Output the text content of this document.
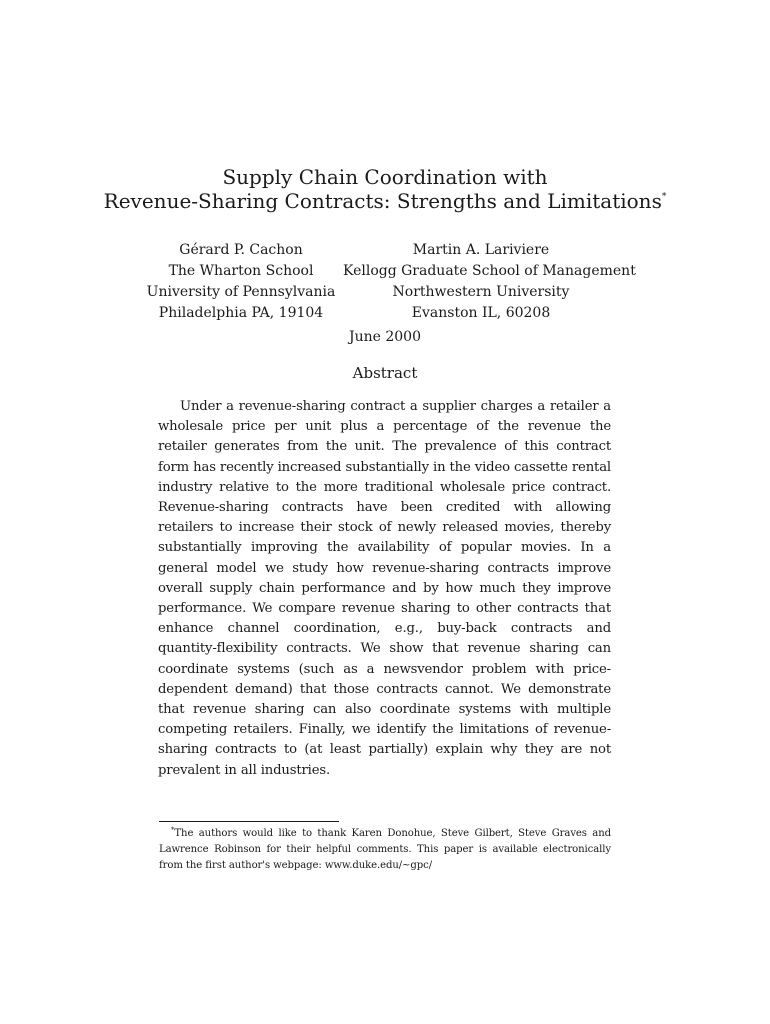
Supply Chain Coordination with
Revenue-Sharing Contracts: Strengths and Limitations*
Gérard P. Cachon
The Wharton School
University of Pennsylvania
Philadelphia PA, 19104
Martin A. Lariviere
Kellogg Graduate School of Management
Northwestern University
Evanston IL, 60208
June 2000
Abstract
Under a revenue-sharing contract a supplier charges a retailer a wholesale price per unit plus a percentage of the revenue the retailer generates from the unit. The prevalence of this contract form has recently increased substantially in the video cassette rental industry relative to the more traditional wholesale price contract. Revenue-sharing contracts have been credited with allowing retailers to increase their stock of newly released movies, thereby substantially improving the availability of popular movies. In a general model we study how revenue-sharing contracts improve overall supply chain performance and by how much they improve performance. We compare revenue sharing to other contracts that enhance channel coordination, e.g., buy-back contracts and quantity-flexibility contracts. We show that revenue sharing can coordinate systems (such as a newsvendor problem with price-dependent demand) that those contracts cannot. We demonstrate that revenue sharing can also coordinate systems with multiple competing retailers. Finally, we identify the limitations of revenue-sharing contracts to (at least partially) explain why they are not prevalent in all industries.
*The authors would like to thank Karen Donohue, Steve Gilbert, Steve Graves and Lawrence Robinson for their helpful comments. This paper is available electronically from the first author's webpage: www.duke.edu/~gpc/
